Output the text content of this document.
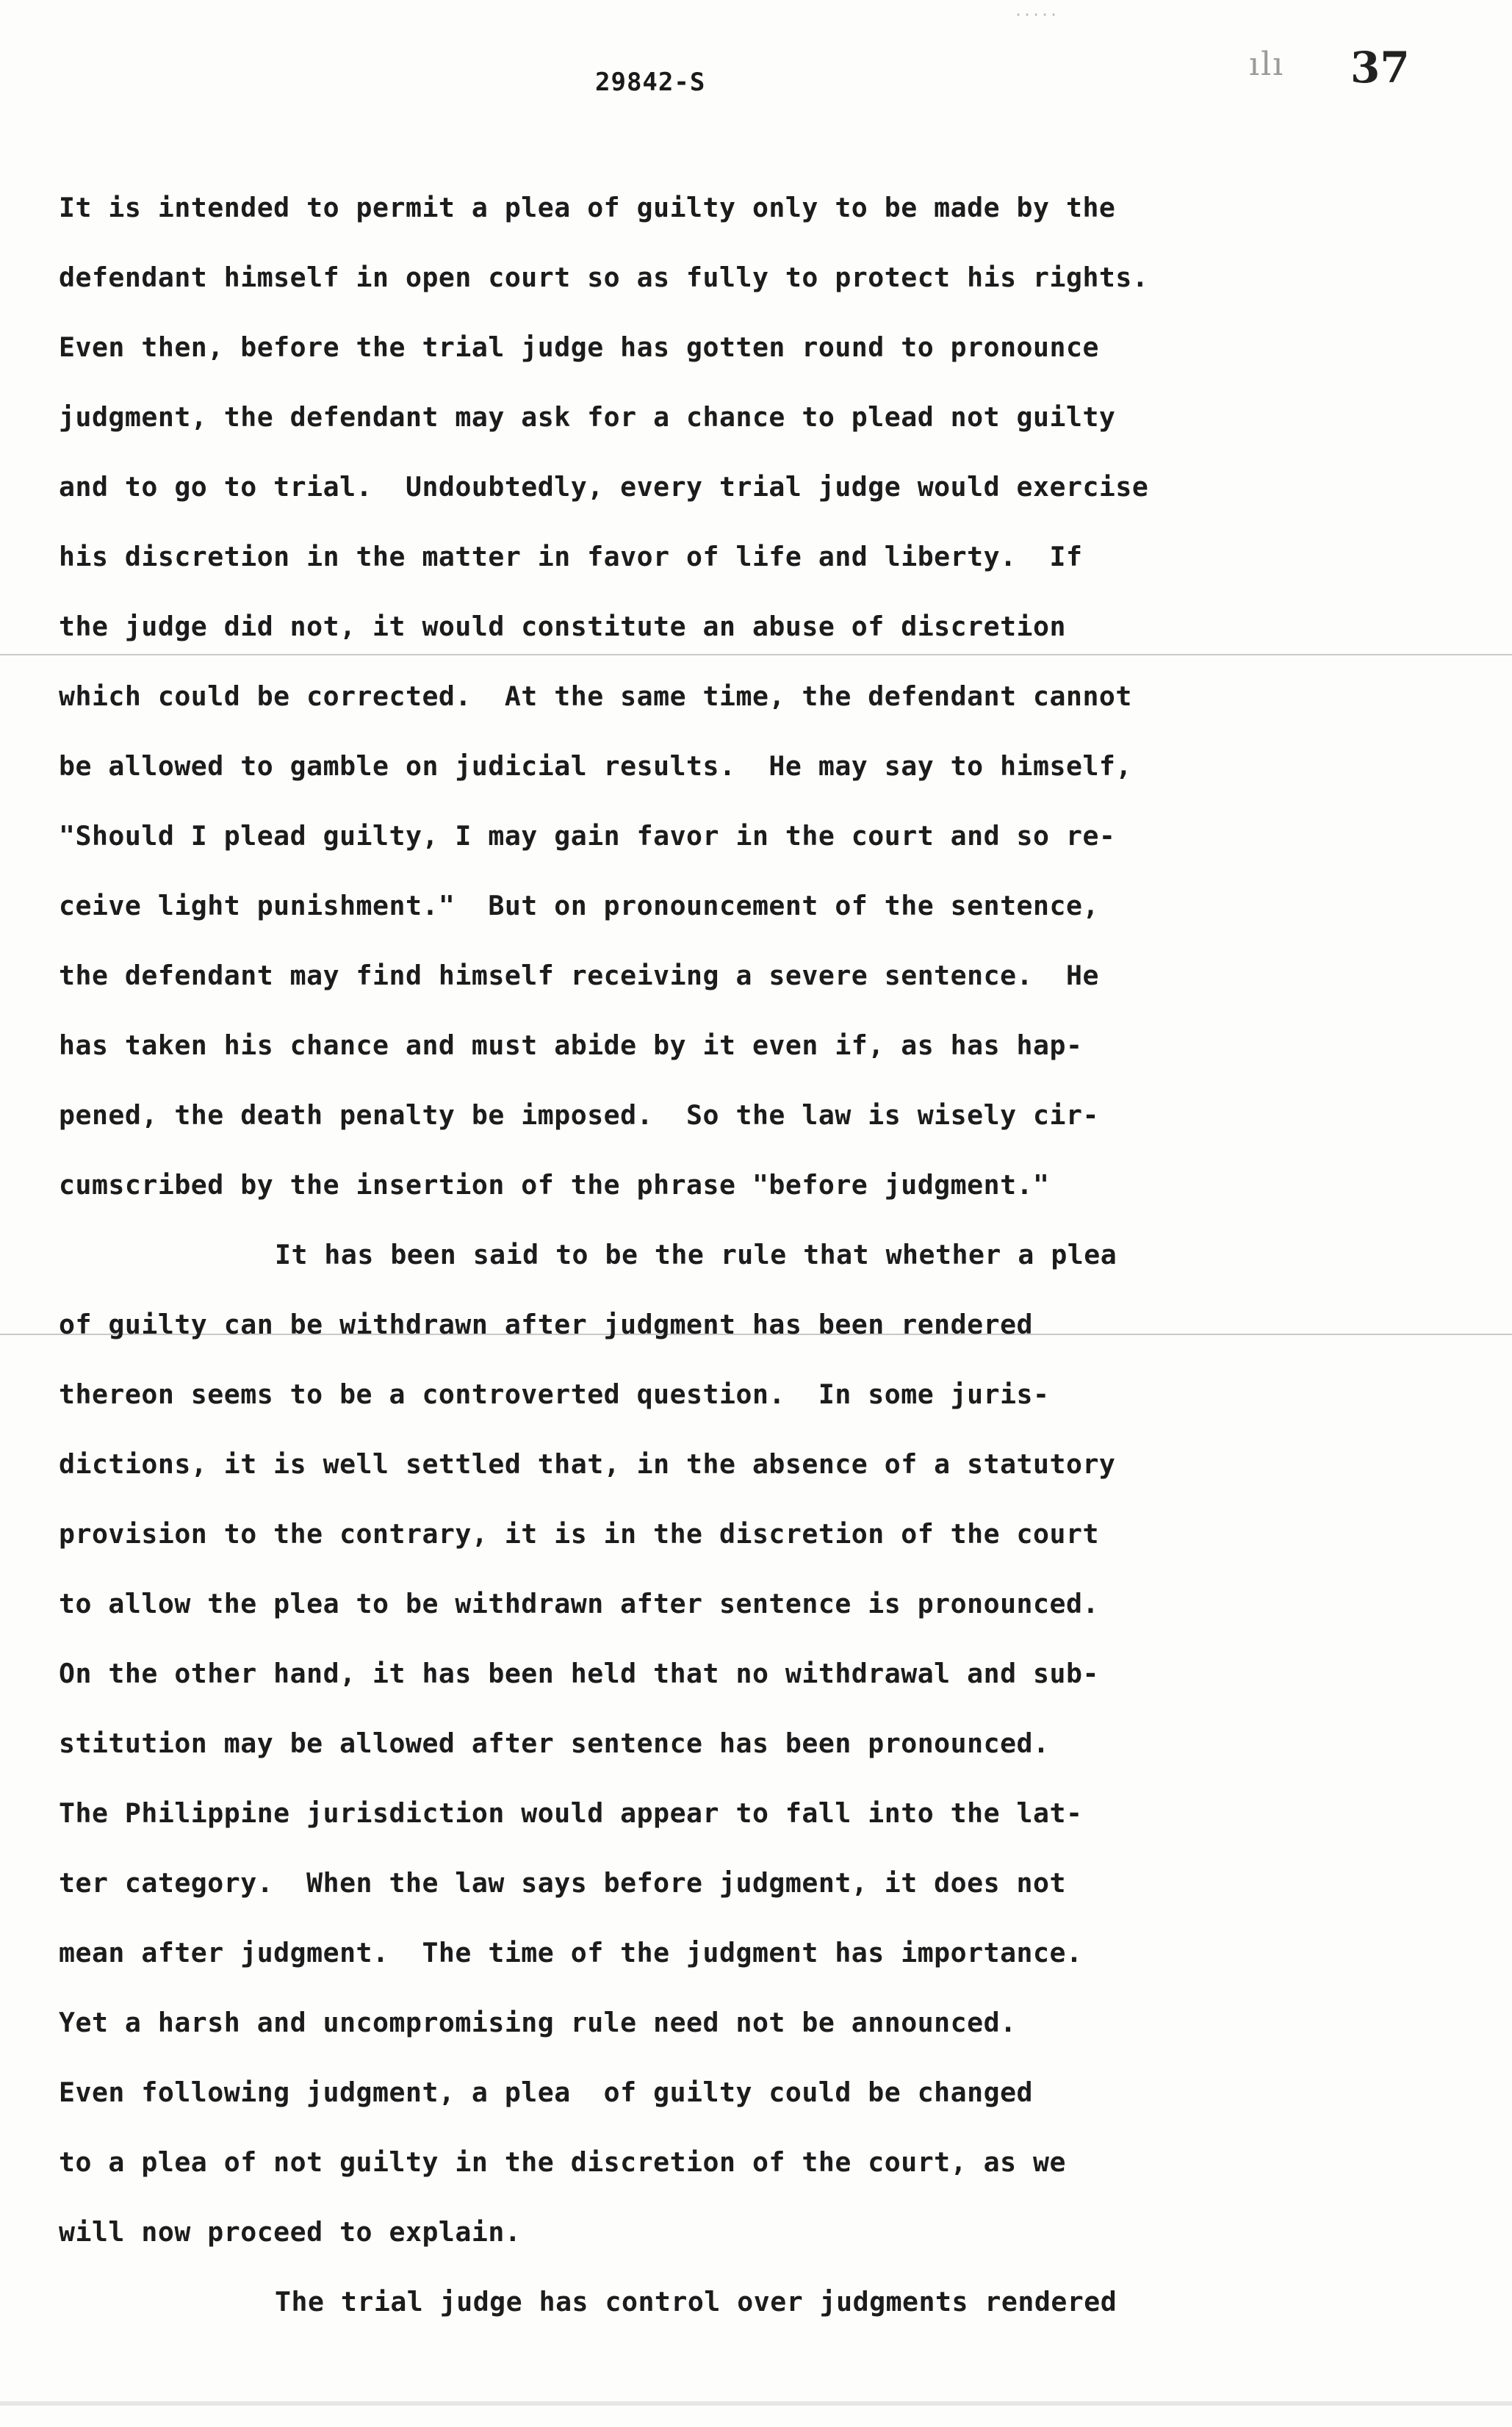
·····
29842-S	ılı 37
It is intended to permit a plea of guilty only to be made by the
defendant himself in open court so as fully to protect his rights.
Even then, before the trial judge has gotten round to pronounce
judgment, the defendant may ask for a chance to plead not guilty
and to go to trial.  Undoubtedly, every trial judge would exercise
his discretion in the matter in favor of life and liberty.  If
the judge did not, it would constitute an abuse of discretion
which could be corrected.  At the same time, the defendant cannot
be allowed to gamble on judicial results.  He may say to himself,
"Should I plead guilty, I may gain favor in the court and so re-
ceive light punishment."  But on pronouncement of the sentence,
the defendant may find himself receiving a severe sentence.  He
has taken his chance and must abide by it even if, as has hap-
pened, the death penalty be imposed.  So the law is wisely cir-
cumscribed by the insertion of the phrase "before judgment."
It has been said to be the rule that whether a plea
of guilty can be withdrawn after judgment has been rendered
thereon seems to be a controverted question.  In some juris-
dictions, it is well settled that, in the absence of a statutory
provision to the contrary, it is in the discretion of the court
to allow the plea to be withdrawn after sentence is pronounced.
On the other hand, it has been held that no withdrawal and sub-
stitution may be allowed after sentence has been pronounced.
The Philippine jurisdiction would appear to fall into the lat-
ter category.  When the law says before judgment, it does not
mean after judgment.  The time of the judgment has importance.
Yet a harsh and uncompromising rule need not be announced.
Even following judgment, a plea  of guilty could be changed
to a plea of not guilty in the discretion of the court, as we
will now proceed to explain.
The trial judge has control over judgments rendered
